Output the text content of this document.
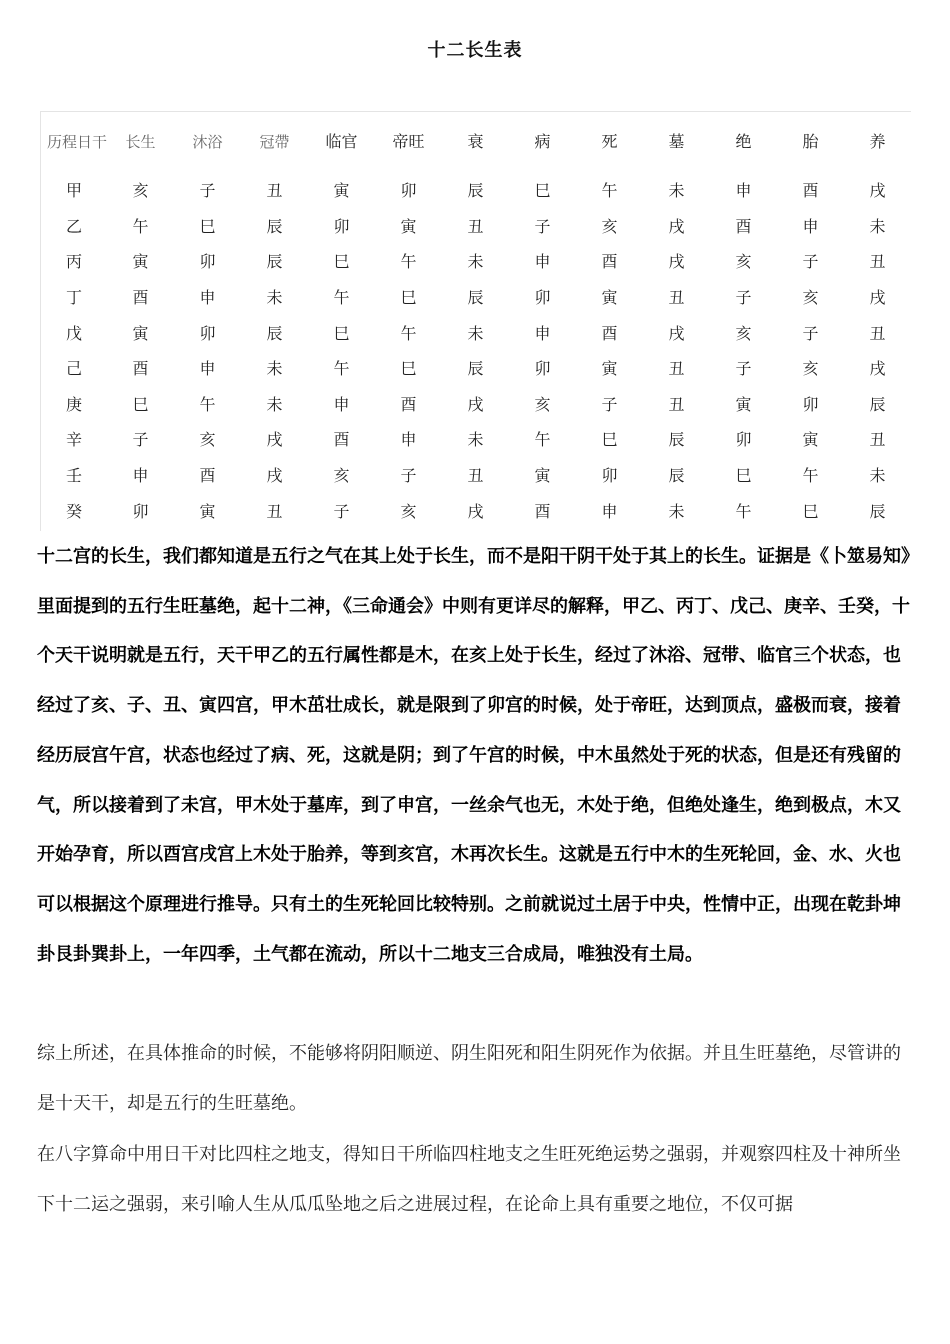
十二长生表
历程日干	长生	沐浴	冠帶	临官	帝旺	衰	病	死	墓	绝	胎	养
甲	亥	子	丑	寅	卯	辰	巳	午	未	申	酉	戌
乙	午	巳	辰	卯	寅	丑	子	亥	戌	酉	申	未
丙	寅	卯	辰	巳	午	未	申	酉	戌	亥	子	丑
丁	酉	申	未	午	巳	辰	卯	寅	丑	子	亥	戌
戊	寅	卯	辰	巳	午	未	申	酉	戌	亥	子	丑
己	酉	申	未	午	巳	辰	卯	寅	丑	子	亥	戌
庚	巳	午	未	申	酉	戌	亥	子	丑	寅	卯	辰
辛	子	亥	戌	酉	申	未	午	巳	辰	卯	寅	丑
壬	申	酉	戌	亥	子	丑	寅	卯	辰	巳	午	未
癸	卯	寅	丑	子	亥	戌	酉	申	未	午	巳	辰

十二宫的长生，我们都知道是五行之气在其上处于长生，而不是阳干阴干处于其上的长生。证据是《卜筮易知》里面提到的五行生旺墓绝，起十二神，《三命通会》中则有更详尽的解释，甲乙、丙丁、戊己、庚辛、壬癸，十个天干说明就是五行，天干甲乙的五行属性都是木，在亥上处于长生，经过了沐浴、冠带、临官三个状态，也经过了亥、子、丑、寅四宫，甲木茁壮成长，就是限到了卯宫的时候，处于帝旺，达到顶点，盛极而衰，接着经历辰宫午宫，状态也经过了病、死，这就是阴；到了午宫的时候，中木虽然处于死的状态，但是还有残留的气，所以接着到了未宫，甲木处于墓库，到了申宫，一丝余气也无，木处于绝，但绝处逢生，绝到极点，木又开始孕育，所以酉宫戌宫上木处于胎养，等到亥宫，木再次长生。这就是五行中木的生死轮回，金、水、火也可以根据这个原理进行推导。只有土的生死轮回比较特别。之前就说过土居于中央，性情中正，出现在乾卦坤卦艮卦巽卦上，一年四季，土气都在流动，所以十二地支三合成局，唯独没有土局。

综上所述，在具体推命的时候，不能够将阴阳顺逆、阴生阳死和阳生阴死作为依据。并且生旺墓绝，尽管讲的是十天干，却是五行的生旺墓绝。

在八字算命中用日干对比四柱之地支，得知日干所临四柱地支之生旺死绝运势之强弱，并观察四柱及十神所坐下十二运之强弱，来引喻人生从瓜瓜坠地之后之进展过程，在论命上具有重要之地位，不仅可据
